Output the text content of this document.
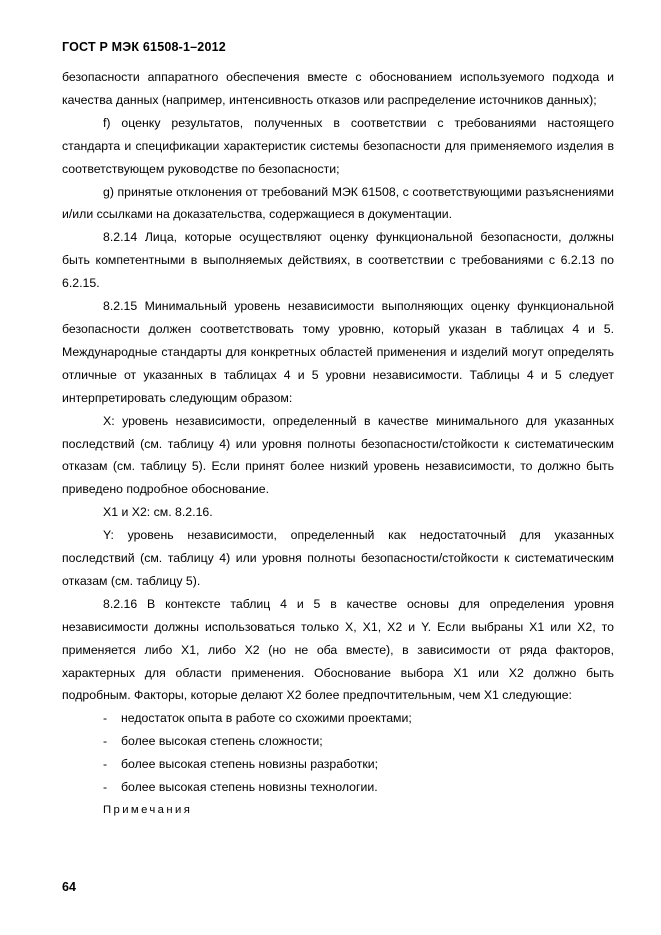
ГОСТ Р МЭК 61508-1–2012

безопасности аппаратного обеспечения вместе с обоснованием используемого подхода и качества данных (например, интенсивность отказов или распределение источников данных);

f) оценку результатов, полученных в соответствии с требованиями настоящего стандарта и спецификации характеристик системы безопасности для применяемого изделия в соответствующем руководстве по безопасности;

g) принятые отклонения от требований МЭК 61508, с соответствующими разъяснениями и/или ссылками на доказательства, содержащиеся в документации.

8.2.14 Лица, которые осуществляют оценку функциональной безопасности, должны быть компетентными в выполняемых действиях, в соответствии с требованиями с 6.2.13 по 6.2.15.

8.2.15 Минимальный уровень независимости выполняющих оценку функциональной безопасности должен соответствовать тому уровню, который указан в таблицах 4 и 5. Международные стандарты для конкретных областей применения и изделий могут определять отличные от указанных в таблицах 4 и 5 уровни независимости. Таблицы 4 и 5 следует интерпретировать следующим образом:

X: уровень независимости, определенный в качестве минимального для указанных последствий (см. таблицу 4) или уровня полноты безопасности/стойкости к систематическим отказам (см. таблицу 5). Если принят более низкий уровень независимости, то должно быть приведено подробное обоснование.

X1 и X2: см. 8.2.16.

Y: уровень независимости, определенный как недостаточный для указанных последствий (см. таблицу 4) или уровня полноты безопасности/стойкости к систематическим отказам (см. таблицу 5).

8.2.16 В контексте таблиц 4 и 5 в качестве основы для определения уровня независимости должны использоваться только X, X1, X2 и Y. Если выбраны X1 или X2, то применяется либо X1, либо X2 (но не оба вместе), в зависимости от ряда факторов, характерных для области применения. Обоснование выбора X1 или X2 должно быть подробным. Факторы, которые делают X2 более предпочтительным, чем X1 следующие:

- недостаток опыта в работе со схожими проектами;
- более высокая степень сложности;
- более высокая степень новизны разработки;
- более высокая степень новизны технологии.

Примечания

64
